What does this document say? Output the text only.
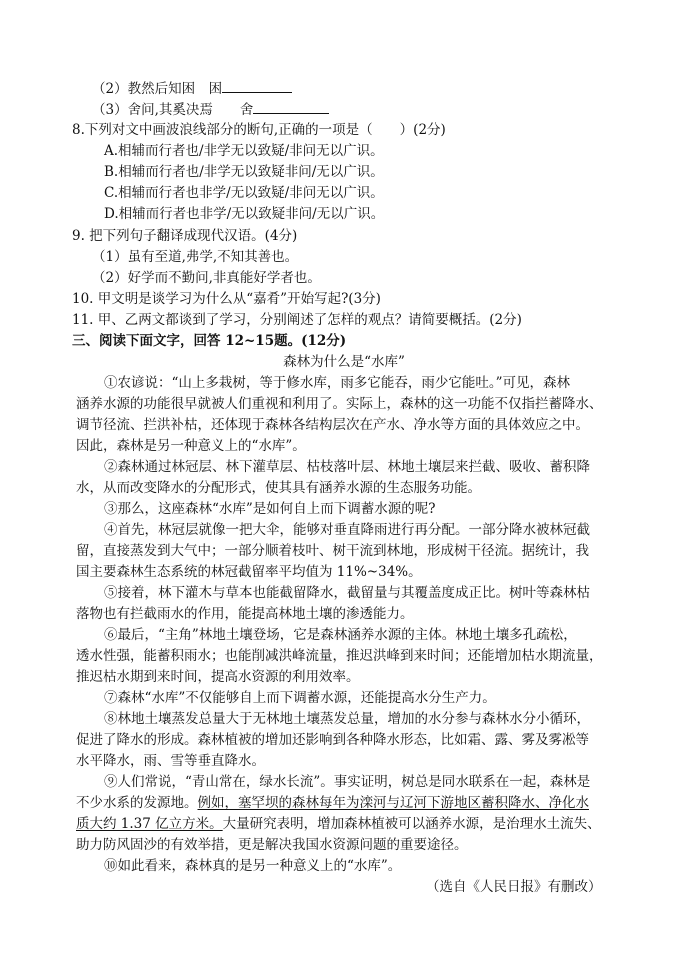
（2）教然后知困　困
（3）舍问,其奚决焉　　舍
8.下列对文中画波浪线部分的断句,正确的一项是（　　）(2分)
A.相辅而行者也/非学无以致疑/非问无以广识。
B.相辅而行者也/非学无以致疑非问/无以广识。
C.相辅而行者也非学/无以致疑/非问无以广识。
D.相辅而行者也非学/无以致疑非问/无以广识。
9. 把下列句子翻译成现代汉语。(4分)
（1）虽有至道,弗学,不知其善也。
（2）好学而不勤问,非真能好学者也。
10. 甲文明是谈学习为什么从“嘉肴”开始写起?(3分)
11. 甲、乙两文都谈到了学习，分别阐述了怎样的观点？请简要概括。(2分)
三、阅读下面文字，回答 12~15题。(12分)
森林为什么是“水库”
①农谚说：“山上多栽树，等于修水库，雨多它能吞，雨少它能吐。”可见，森林
涵养水源的功能很早就被人们重视和利用了。实际上，森林的这一功能不仅指拦蓄降水、
调节径流、拦洪补枯，还体现于森林各结构层次在产水、净水等方面的具体效应之中。
因此，森林是另一种意义上的“水库”。
②森林通过林冠层、林下灌草层、枯枝落叶层、林地土壤层来拦截、吸收、蓄积降
水，从而改变降水的分配形式，使其具有涵养水源的生态服务功能。
③那么，这座森林“水库”是如何自上而下调蓄水源的呢?
④首先，林冠层就像一把大伞，能够对垂直降雨进行再分配。一部分降水被林冠截
留，直接蒸发到大气中；一部分顺着枝叶、树干流到林地，形成树干径流。据统计，我
国主要森林生态系统的林冠截留率平均值为 11%~34%。
⑤接着，林下灌木与草本也能截留降水，截留量与其覆盖度成正比。树叶等森林枯
落物也有拦截雨水的作用，能提高林地土壤的渗透能力。
⑥最后，“主角”林地土壤登场，它是森林涵养水源的主体。林地土壤多孔疏松，
透水性强，能蓄积雨水；也能削减洪峰流量，推迟洪峰到来时间；还能增加枯水期流量，
推迟枯水期到来时间，提高水资源的利用效率。
⑦森林“水库”不仅能够自上而下调蓄水源，还能提高水分生产力。
⑧林地土壤蒸发总量大于无林地土壤蒸发总量，增加的水分参与森林水分小循环，
促进了降水的形成。森林植被的增加还影响到各种降水形态，比如霜、露、雾及雾凇等
水平降水，雨、雪等垂直降水。
⑨人们常说，“青山常在，绿水长流”。事实证明，树总是同水联系在一起，森林是
不少水系的发源地。例如，塞罕坝的森林每年为滦河与辽河下游地区蓄积降水、净化水
质大约 1.37 亿立方米。大量研究表明，增加森林植被可以涵养水源，是治理水土流失、
助力防风固沙的有效举措，更是解决我国水资源问题的重要途径。
⑩如此看来，森林真的是另一种意义上的“水库”。
（选自《人民日报》有删改）
